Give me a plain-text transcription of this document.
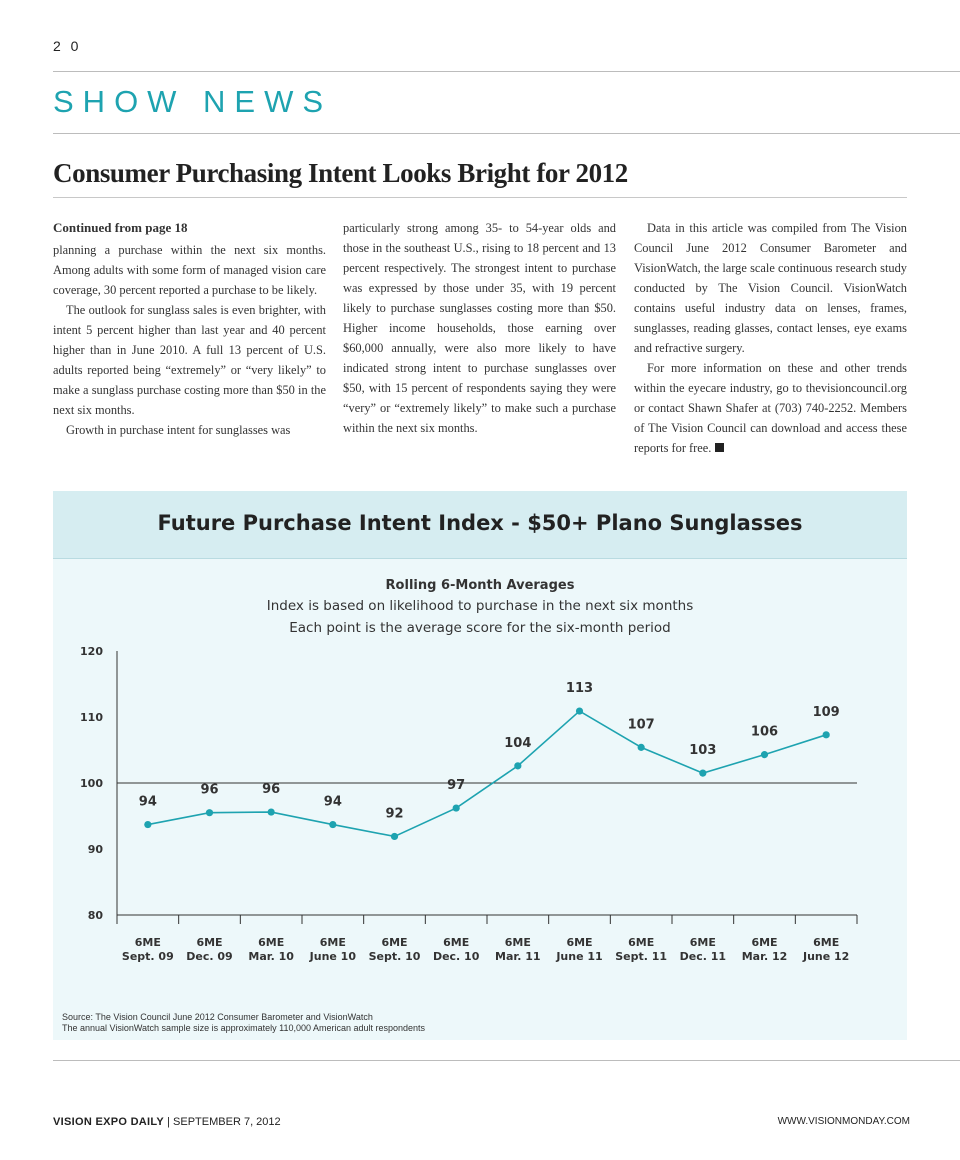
2 0
SHOW NEWS
Consumer Purchasing Intent Looks Bright for 2012
Continued from page 18

planning a purchase within the next six months. Among adults with some form of managed vision care coverage, 30 percent reported a purchase to be likely.

The outlook for sunglass sales is even brighter, with intent 5 percent higher than last year and 40 percent higher than in June 2010. A full 13 percent of U.S. adults reported being “extremely” or “very likely” to make a sunglass purchase costing more than $50 in the next six months.

Growth in purchase intent for sunglasses was

particularly strong among 35- to 54-year olds and those in the southeast U.S., rising to 18 percent and 13 percent respectively. The strongest intent to purchase was expressed by those under 35, with 19 percent likely to purchase sunglasses costing more than $50. Higher income households, those earning over $60,000 annually, were also more likely to have indicated strong intent to purchase sunglasses over $50, with 15 percent of respondents saying they were “very” or “extremely likely” to make such a purchase within the next six months.

Data in this article was compiled from The Vision Council June 2012 Consumer Barometer and VisionWatch, the large scale continuous research study conducted by The Vision Council. VisionWatch contains useful industry data on lenses, frames, sunglasses, reading glasses, contact lenses, eye exams and refractive surgery.

For more information on these and other trends within the eyecare industry, go to thevisioncouncil.org or contact Shawn Shafer at (703) 740-2252. Members of The Vision Council can download and access these reports for free.

Future Purchase Intent Index - $50+ Plano Sunglasses
Rolling 6-Month Averages
Index is based on likelihood to purchase in the next six months
Each point is the average score for the six-month period
80
90
100
110
120
6ME
Sept. 09
6ME
Dec. 09
6ME
Mar. 10
6ME
June 10
6ME
Sept. 10
6ME
Dec. 10
6ME
Mar. 11
6ME
June 11
6ME
Sept. 11
6ME
Dec. 11
6ME
Mar. 12
6ME
June 12
94
96	96
94
92
97
104
113
107
103
106
109
Source: The Vision Council June 2012 Consumer Barometer and VisionWatch
The annual VisionWatch sample size is approximately 110,000 American adult respondents
VISION EXPO DAILY | SEPTEMBER 7, 2012	WWW.VISIONMONDAY.COM
